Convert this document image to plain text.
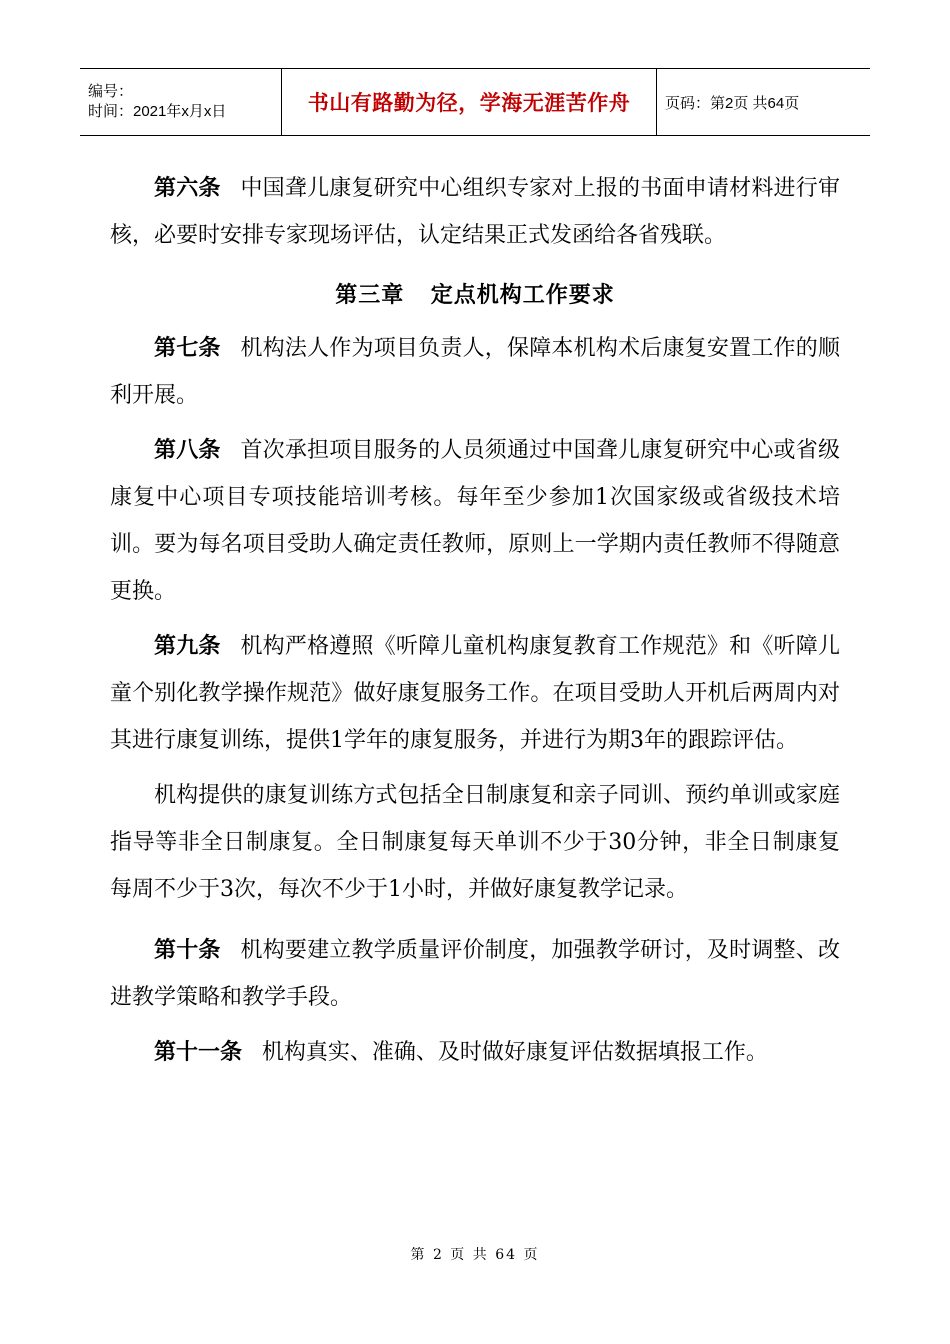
编号：
时间：2021年x月x日	书山有路勤为径，学海无涯苦作舟	页码：第2页 共64页

第六条 中国聋儿康复研究中心组织专家对上报的书面申请材料进行审核，必要时安排专家现场评估，认定结果正式发函给各省残联。

第三章 定点机构工作要求

第七条 机构法人作为项目负责人，保障本机构术后康复安置工作的顺利开展。

第八条 首次承担项目服务的人员须通过中国聋儿康复研究中心或省级康复中心项目专项技能培训考核。每年至少参加1次国家级或省级技术培训。要为每名项目受助人确定责任教师，原则上一学期内责任教师不得随意更换。

第九条 机构严格遵照《听障儿童机构康复教育工作规范》和《听障儿童个别化教学操作规范》做好康复服务工作。在项目受助人开机后两周内对其进行康复训练，提供1学年的康复服务，并进行为期3年的跟踪评估。

机构提供的康复训练方式包括全日制康复和亲子同训、预约单训或家庭指导等非全日制康复。全日制康复每天单训不少于30分钟，非全日制康复每周不少于3次，每次不少于1小时，并做好康复教学记录。

第十条 机构要建立教学质量评价制度，加强教学研讨，及时调整、改进教学策略和教学手段。

第十一条 机构真实、准确、及时做好康复评估数据填报工作。

第 2 页 共 64 页
